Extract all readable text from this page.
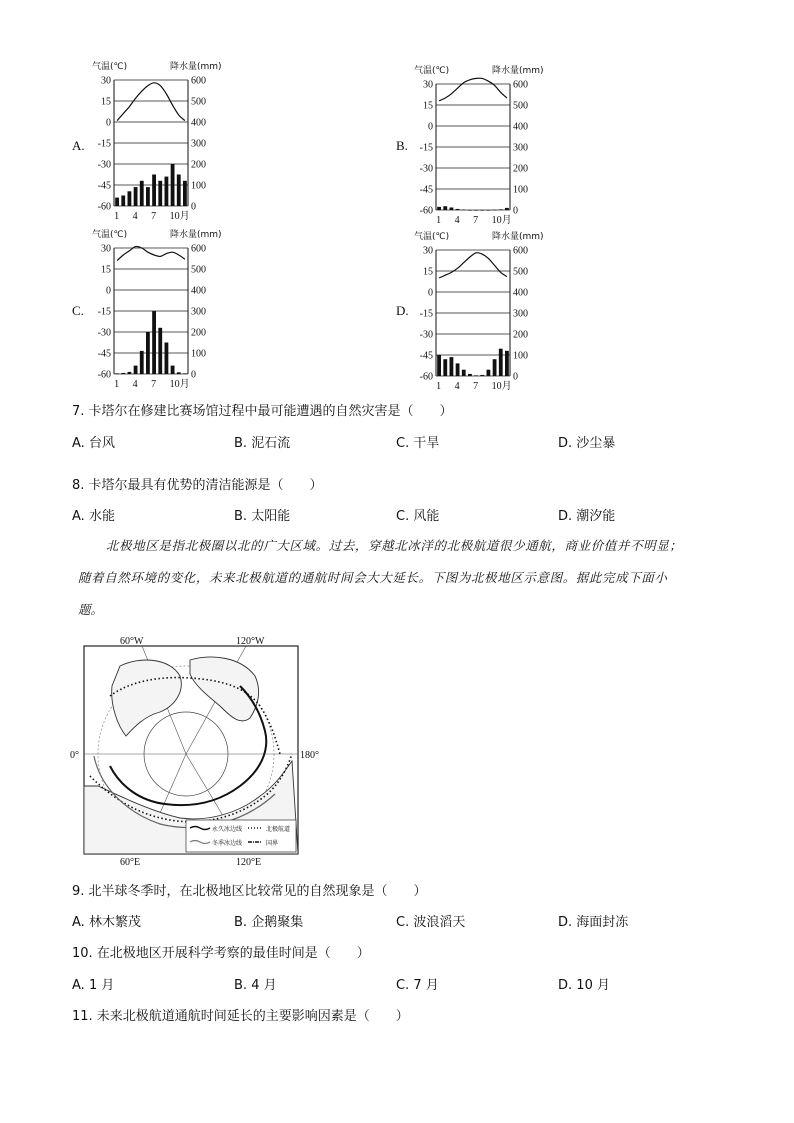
A.
气温(℃)	降水量(mm)
30
15
0
-15
-30
-45
-60
600
500
400
300
200
100
0
1 4 7 10月
B.
气温(℃)	降水量(mm)
30
15
0
-15
-30
-45
-60
600
500
400
300
200
100
0
1 4 7 10月
C.
气温(℃)	降水量(mm)
30
15
0
-15
-30
-45
-60
600
500
400
300
200
100
0
1 4 7 10月
D.
气温(℃)	降水量(mm)
30
15
0
-15
-30
-45
-60
600
500
400
300
200
100
0
1 4 7 10月
7. 卡塔尔在修建比赛场馆过程中最可能遭遇的自然灾害是（　　）
A. 台风	B. 泥石流	C. 干旱	D. 沙尘暴
8. 卡塔尔最具有优势的清洁能源是（　　）
A. 水能	B. 太阳能	C. 风能	D. 潮汐能

北极地区是指北极圈以北的广大区域。过去，穿越北冰洋的北极航道很少通航，商业价值并不明显；

随着自然环境的变化，未来北极航道的通航时间会大大延长。下图为北极地区示意图。据此完成下面小
题。
60°W	120°W
0°	180°
60°E	120°E
永久冰边线	北极航道
冬季冰边线	国界
9. 北半球冬季时，在北极地区比较常见的自然现象是（　　）
A. 林木繁茂	B. 企鹅聚集	C. 波浪滔天	D. 海面封冻
10. 在北极地区开展科学考察的最佳时间是（　　）
A. 1 月	B. 4 月	C. 7 月	D. 10 月
11. 未来北极航道通航时间延长的主要影响因素是（　　）
